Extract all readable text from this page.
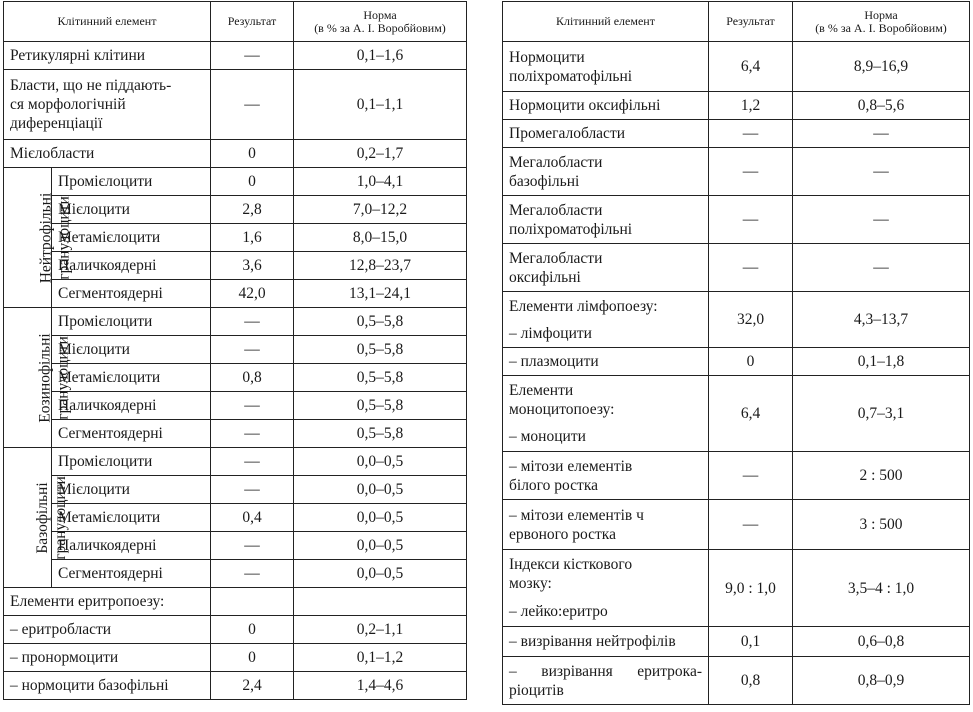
Клітинний елемент		Результат	Норма
(в % за А. І. Воробйовим)

Ретикулярні клітини		—	0,1–1,6

Бласти, що не піддають-
ся морфологічній
диференціації		—	0,1–1,1
Мієлобласти		0	0,2–1,7

Нейтрофільні гранулоцити	Промієлоцити	0	1,0–4,1
	Мієлоцити	2,8	7,0–12,2
	Метамієлоцити	1,6	8,0–15,0
	Паличкоядерні	3,6	12,8–23,7
	Сегментоядерні	42,0	13,1–24,1

Еозинофільні гранулоцити	Промієлоцити	—	0,5–5,8
	Мієлоцити	—	0,5–5,8
	Метамієлоцити	0,8	0,5–5,8
	Паличкоядерні	—	0,5–5,8
	Сегментоядерні	—	0,5–5,8

Базофільні гранулоцити	Промієлоцити	—	0,0–0,5
	Мієлоцити	—	0,0–0,5
	Метамієлоцити	0,4	0,0–0,5
	Паличкоядерні	—	0,0–0,5
	Сегментоядерні	—	0,0–0,5
Елементи еритропоезу:			
– еритробласти		0	0,2–1,1
– пронормоцити		0	0,1–1,2
– нормоцити базофільні		2,4	1,4–4,6
Клітинний елемент	Результат	Норма
(в % за А. І. Воробйовим)

Нормоцити
поліхроматофільні	6,4	8,9–16,9
Нормоцити оксифільні	1,2	0,8–5,6
Промегалобласти	—	—

Мегалобласти
базофільні	—	—

Мегалобласти
поліхроматофільні	—	—

Мегалобласти
оксифільні	—	—

Елементи лімфопоезу:
– лімфоцити	32,0	4,3–13,7
– плазмоцити	0	0,1–1,8

Елементи
моноцитопоезу:
– моноцити	6,4	0,7–3,1

– мітози елементів
білого ростка	—	2 : 500

– мітози елементів ч
ервоного ростка	—	3 : 500

Індекси кісткового
мозку:
– лейко:еритро	9,0 : 1,0	3,5–4 : 1,0
– визрівання нейтрофілів	0,1	0,6–0,8

– визрівання еритрока-
ріоцитів	0,8	0,8–0,9
